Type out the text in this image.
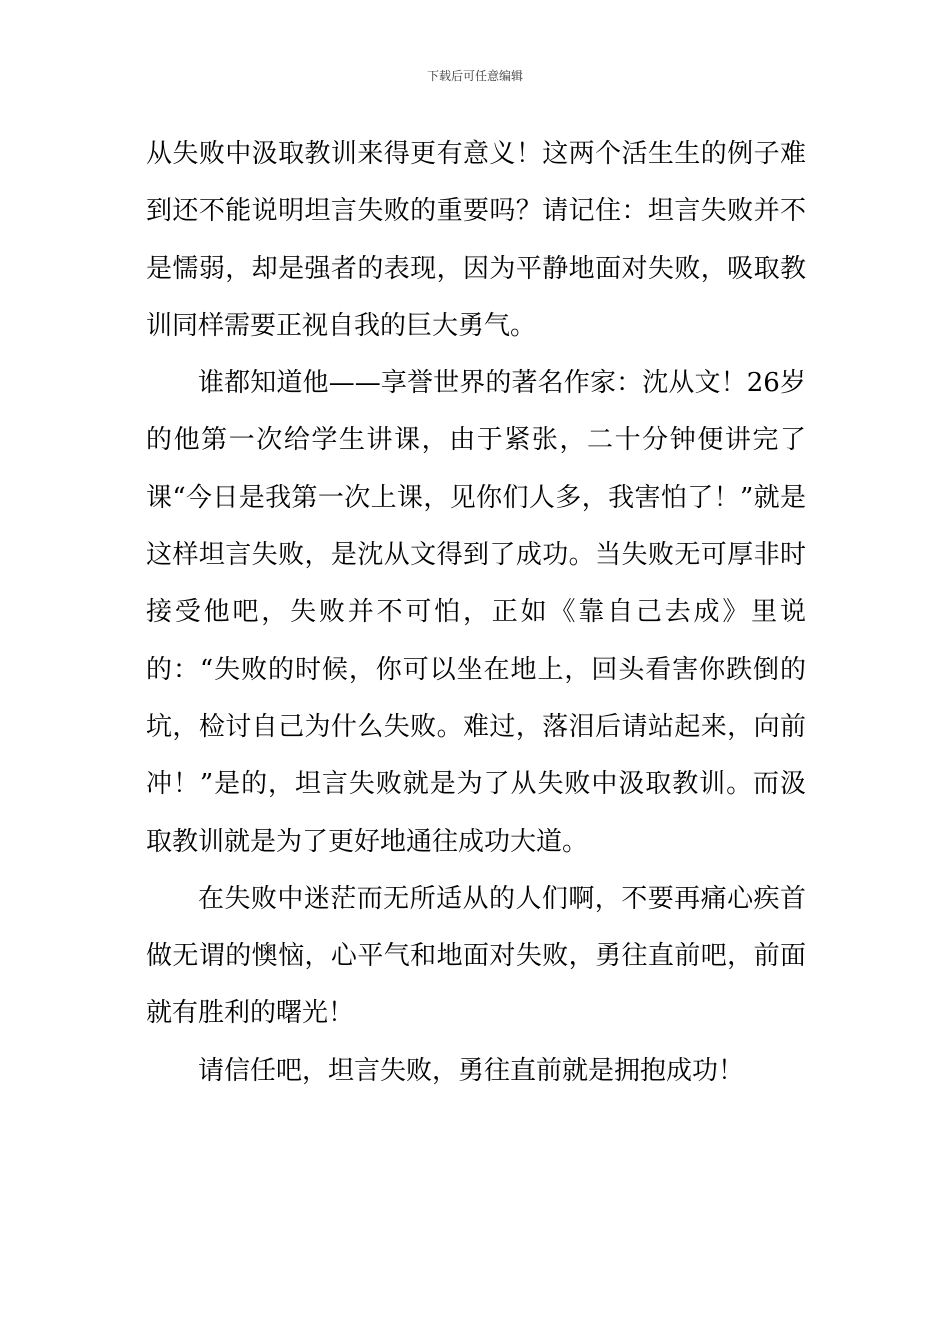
下载后可任意编辑

从失败中汲取教训来得更有意义！这两个活生生的例子难到还不能说明坦言失败的重要吗？请记住：坦言失败并不是懦弱，却是强者的表现，因为平静地面对失败，吸取教训同样需要正视自我的巨大勇气。

谁都知道他——享誉世界的著名作家：沈从文！26岁的他第一次给学生讲课，由于紧张，二十分钟便讲完了课“今日是我第一次上课，见你们人多，我害怕了！”就是这样坦言失败，是沈从文得到了成功。当失败无可厚非时接受他吧，失败并不可怕，正如《靠自己去成》里说的：“失败的时候，你可以坐在地上，回头看害你跌倒的坑，检讨自己为什么失败。难过，落泪后请站起来，向前冲！”是的，坦言失败就是为了从失败中汲取教训。而汲取教训就是为了更好地通往成功大道。

在失败中迷茫而无所适从的人们啊，不要再痛心疾首做无谓的懊恼，心平气和地面对失败，勇往直前吧，前面就有胜利的曙光！

请信任吧，坦言失败，勇往直前就是拥抱成功！
